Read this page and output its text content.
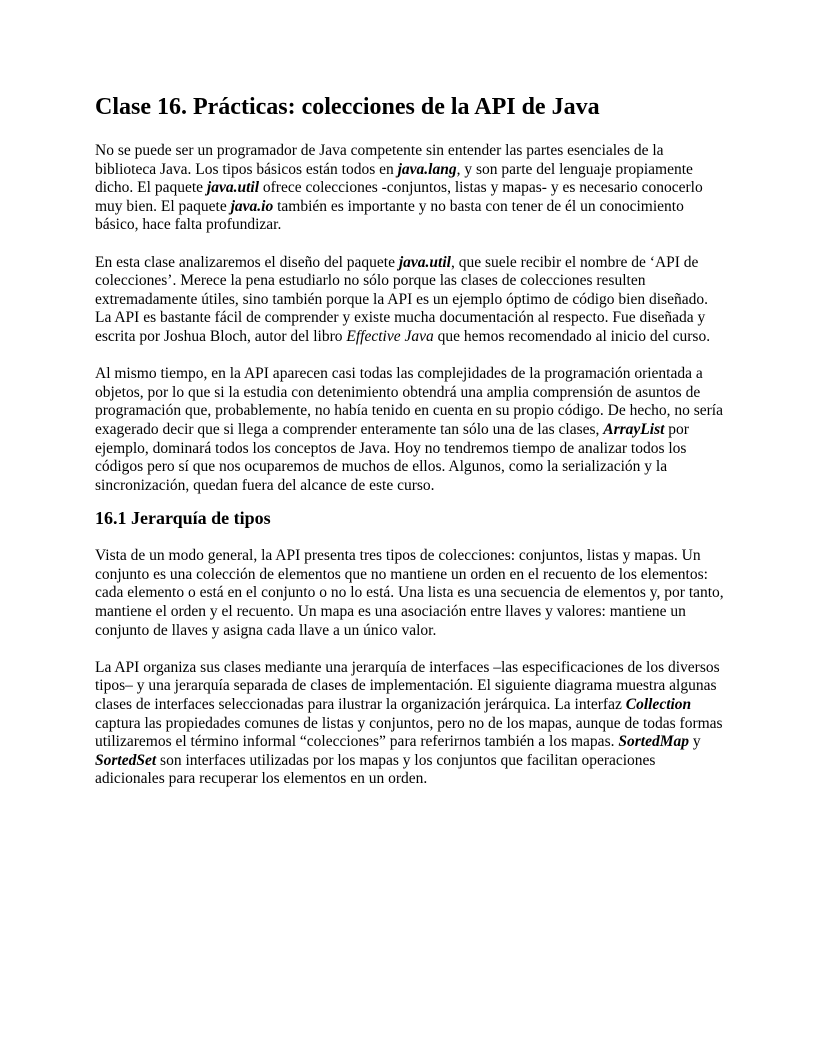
Clase 16. Prácticas: colecciones de la API de Java

No se puede ser un programador de Java competente sin entender las partes esenciales de la biblioteca Java. Los tipos básicos están todos en java.lang, y son parte del lenguaje propiamente dicho. El paquete java.util ofrece colecciones -conjuntos, listas y mapas- y es necesario conocerlo muy bien. El paquete java.io también es importante y no basta con tener de él un conocimiento básico, hace falta profundizar.

En esta clase analizaremos el diseño del paquete java.util, que suele recibir el nombre de ‘API de colecciones’. Merece la pena estudiarlo no sólo porque las clases de colecciones resulten extremadamente útiles, sino también porque la API es un ejemplo óptimo de código bien diseñado. La API es bastante fácil de comprender y existe mucha documentación al respecto. Fue diseñada y escrita por Joshua Bloch, autor del libro Effective Java que hemos recomendado al inicio del curso.

Al mismo tiempo, en la API aparecen casi todas las complejidades de la programación orientada a objetos, por lo que si la estudia con detenimiento obtendrá una amplia comprensión de asuntos de programación que, probablemente, no había tenido en cuenta en su propio código. De hecho, no sería exagerado decir que si llega a comprender enteramente tan sólo una de las clases, ArrayList por ejemplo, dominará todos los conceptos de Java. Hoy no tendremos tiempo de analizar todos los códigos pero sí que nos ocuparemos de muchos de ellos. Algunos, como la serialización y la sincronización, quedan fuera del alcance de este curso.

16.1 Jerarquía de tipos

Vista de un modo general, la API presenta tres tipos de colecciones: conjuntos, listas y mapas. Un conjunto es una colección de elementos que no mantiene un orden en el recuento de los elementos: cada elemento o está en el conjunto o no lo está. Una lista es una secuencia de elementos y, por tanto, mantiene el orden y el recuento. Un mapa es una asociación entre llaves y valores: mantiene un conjunto de llaves y asigna cada llave a un único valor.

La API organiza sus clases mediante una jerarquía de interfaces –las especificaciones de los diversos tipos– y una jerarquía separada de clases de implementación. El siguiente diagrama muestra algunas clases de interfaces seleccionadas para ilustrar la organización jerárquica. La interfaz Collection captura las propiedades comunes de listas y conjuntos, pero no de los mapas, aunque de todas formas utilizaremos el término informal “colecciones” para referirnos también a los mapas. SortedMap y SortedSet son interfaces utilizadas por los mapas y los conjuntos que facilitan operaciones adicionales para recuperar los elementos en un orden.
